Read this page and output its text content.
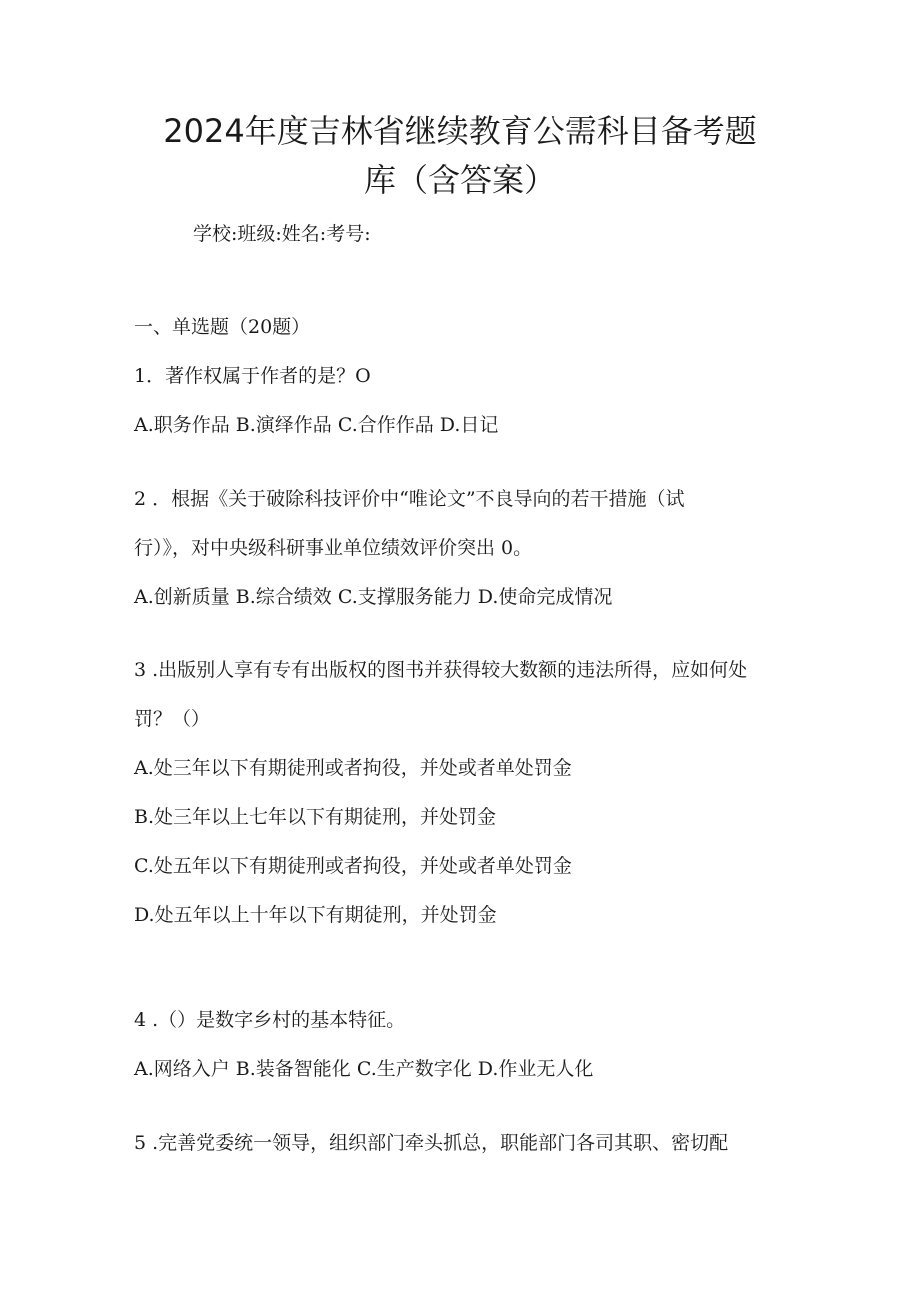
2024年度吉林省继续教育公需科目备考题
库（含答案）

学校:班级:姓名:考号:

一、单选题（20题）

1．著作权属于作者的是？O

A.职务作品 B.演绎作品 C.合作作品 D.日记

2 ．根据《关于破除科技评价中“唯论文”不良导向的若干措施（试

行）》，对中央级科研事业单位绩效评价突出 0。

A.创新质量 B.综合绩效 C.支撑服务能力 D.使命完成情况

3 .出版别人享有专有出版权的图书并获得较大数额的违法所得，应如何处

罚？（）

A.处三年以下有期徒刑或者拘役，并处或者单处罚金

B.处三年以上七年以下有期徒刑，并处罚金

C.处五年以下有期徒刑或者拘役，并处或者单处罚金

D.处五年以上十年以下有期徒刑，并处罚金

4 .（）是数字乡村的基本特征。

A.网络入户 B.装备智能化 C.生产数字化 D.作业无人化

5 .完善党委统一领导，组织部门牵头抓总，职能部门各司其职、密切配
